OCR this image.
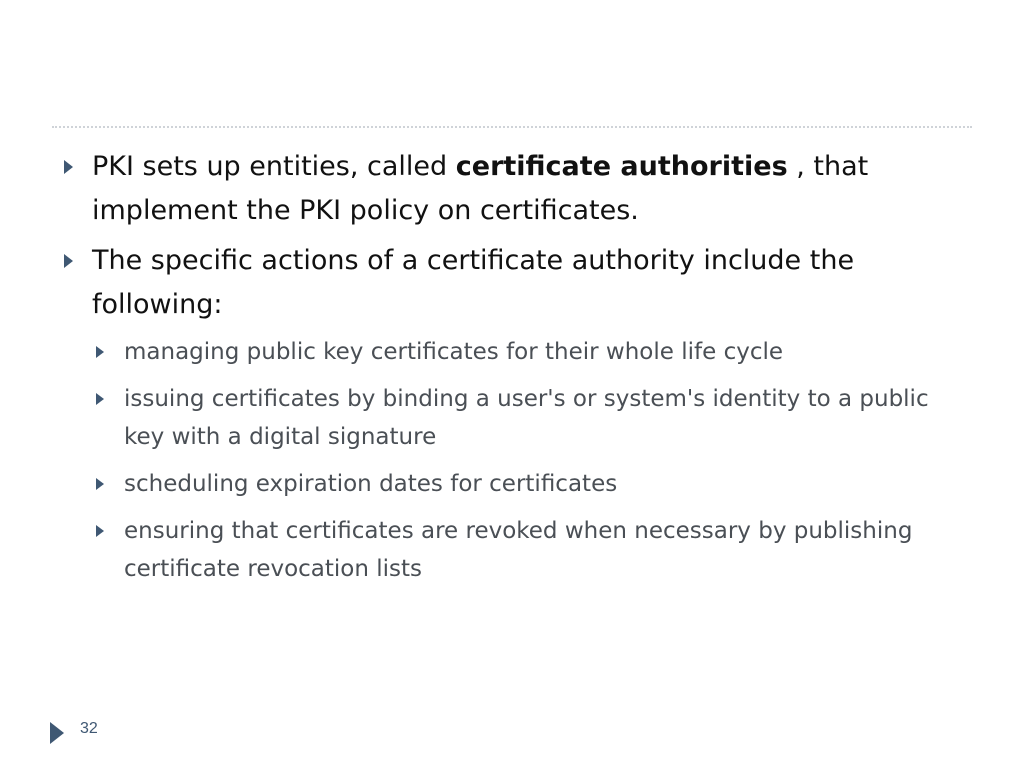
PKI sets up entities, called certificate authorities , that implement the PKI policy on certificates.
The specific actions of a certificate authority include the following:
managing public key certificates for their whole life cycle
issuing certificates by binding a user's or system's identity to a public key with a digital signature
scheduling expiration dates for certificates
ensuring that certificates are revoked when necessary by publishing certificate revocation lists
32
